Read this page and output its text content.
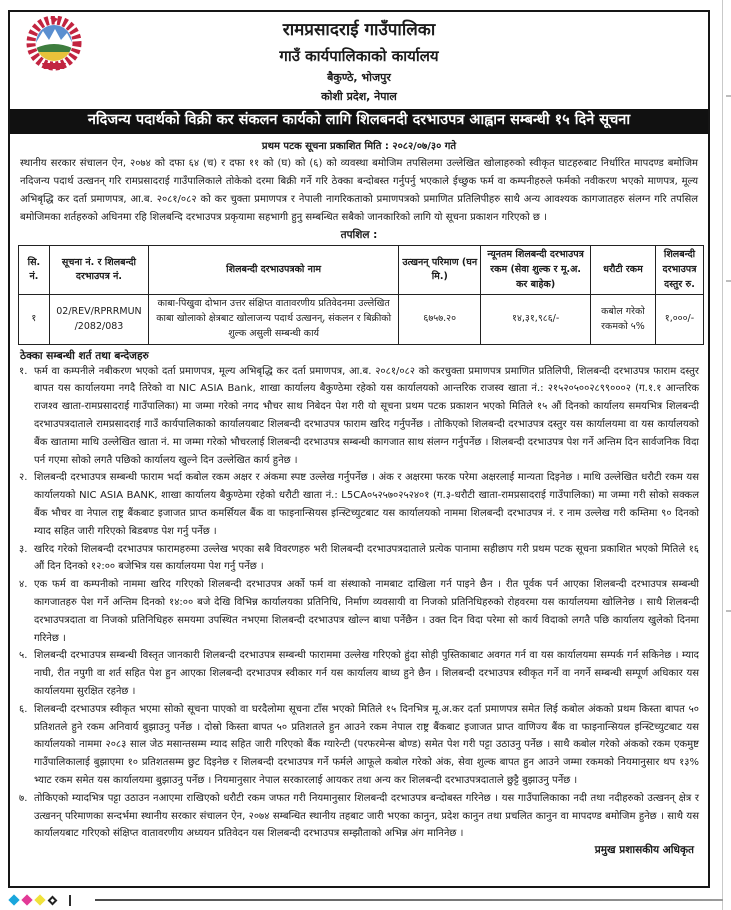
रामप्रसादराई गाउँपालिका
गाउँ कार्यपालिकाको कार्यालय
बैकुण्ठे, भोजपुर
कोशी प्रदेश, नेपाल
नदिजन्य पदार्थको विक्री कर संकलन कार्यको लागि शिलबनदी दरभाउपत्र आह्वान सम्बन्धी १५ दिने सूचना
प्रथम पटक सूचना प्रकाशित मिति : २०८२/०७/३० गते

स्थानीय सरकार संचालन ऐन, २०७४ को दफा ६४ (च) र दफा ११ को (घ) को (६) को व्यवस्था बमोजिम तपसिलमा उल्लेखित खोलाहरुको स्वीकृत घाटहरुबाट निर्धारित मापदण्ड बमोजिम नदिजन्य पदार्थ उत्खनन् गरि रामप्रसादराई गाउँपालिकाले तोकेको दरमा बिक्री गर्ने गरि ठेक्का बन्दोबस्त गर्नुपर्नु भएकाले ईच्छुक फर्म वा कम्पनीहरुले फर्मको नवीकरण भएको माणपत्र, मूल्य अभिबृद्धि कर दर्ता प्रमाणपत्र, आ.ब. २०८१/०८२ को कर चुक्ता प्रमाणपत्र र नेपाली नागरिकताको प्रमाणपत्रको प्रमाणित प्रतिलिपीहरु साथै अन्य आवश्यक कागजातहरु संलग्न गरि तपसिल बमोजिमका शर्तहरुको अधिनमा रहि शिलबन्दि दरभाउपत्र प्रकृयामा सहभागी हुनु सम्बन्धित सबैको जानकारिको लागि यो सूचना प्रकाशन गरिएको छ ।

तपशिल :
सि. नं.	सूचना नं. र शिलबन्दी दरभाउपत्र नं.	शिलबन्दी दरभाउपत्रको नाम	उत्खनन् परिमाण (घन मि.)	न्यूनतम शिलबन्दी दरभाउपत्र रकम (सेवा शुल्क र मू.अ. कर बाहेक)	धरौटी रकम	शिलबन्दी दरभाउपत्र दस्तुर रु.
१	02/REV/RPRRMUN /2082/083	काबा-पिखुवा दोभान उत्तर संक्षिप्त वातावरणीय प्रतिवेदनमा उल्लेखित काबा खोलाको क्षेत्रबाट खोलाजन्य पदार्थ उत्खनन्, संकलन र बिक्रीको शुल्क असुली सम्बन्धी कार्य	६७५७.२०	१४,३१,९८६/-	कबोल गरेको रकमको ५%	१,०००/-
ठेक्का सम्बन्धी शर्त तथा बन्देजहरु
१. फर्म वा कम्पनीले नबीकरण भएको दर्ता प्रमाणपत्र, मूल्य अभिबृद्धि कर दर्ता प्रमाणपत्र, आ.ब. २०८१/०८२ को करचुक्ता प्रमाणपत्र प्रमाणित प्रतिलिपी, शिलबन्दी दरभाउपत्र फाराम दस्तुर बापत यस कार्यालयमा नगदै तिरेको वा NIC ASIA Bank, शाखा कार्यालय बैकुण्ठेमा रहेको यस कार्यालयको आन्तरिक राजस्व खाता नं.: २१५२०५००२८९९०००२ (ग.१.१ आन्तरिक राजश्व खाता-रामप्रसादराई गाउँपालिका) मा जम्मा गरेको नगद भौचर साथ निबेदन पेश गरी यो सूचना प्रथम पटक प्रकाशन भएको मितिले १५ औं दिनको कार्यालय समयभित्र शिलबन्दी दरभाउपत्रदाताले रामप्रसादराई गाउँ कार्यपालिकाको कार्यालयबाट शिलबन्दी दरभाउपत्र फाराम खरिद गर्नुपर्नेछ । तोकिएको शिलबन्दी दरभाउपत्र दस्तुर यस कार्यालयमा वा यस कार्यालयको बैंक खातामा माथि उल्लेखित खाता नं. मा जम्मा गरेको भौचरलाई शिलबन्दी दरभाउपत्र सम्बन्धी कागजात साथ संलग्न गर्नुपर्नेछ । शिलबन्दी दरभाउपत्र पेश गर्ने अन्तिम दिन सार्वजनिक विदा पर्न गएमा सोको लगतै पछिको कार्यालय खुल्ने दिन उल्लेखित कार्य हुनेछ ।
२. शिलबन्दी दरभाउपत्र सम्बन्धी फाराम भर्दा कबोल रकम अक्षर र अंकमा स्पष्ट उल्लेख गर्नुपर्नेछ । अंक र अक्षरमा फरक परेमा अक्षरलाई मान्यता दिइनेछ । माथि उल्लेखित धरौटी रकम यस कार्यालयको NIC ASIA BANK, शाखा कार्यालय बैकुण्ठेमा रहेको धरौटी खाता नं.: L5CA०५२५७०२५२४०१ (ग.३-धरौटी खाता-रामप्रसादराई गाउँपालिका) मा जम्मा गरी सोको सक्कल बैंक भौचर वा नेपाल राष्ट्र बैंकबाट इजाजत प्राप्त कमर्सियल बैंक वा फाइनान्सियस इन्स्टिच्युटबाट यस कार्यालयको नाममा शिलबन्दी दरभाउपत्र नं. र नाम उल्लेख गरी कम्तिमा ९० दिनको म्याद सहित जारी गरिएको बिडबण्ड पेश गर्नु पर्नेछ ।
३. खरिद गरेको शिलबन्दी दरभाउपत्र फारामहरुमा उल्लेख भएका सबै विवरणहरु भरी शिलबन्दी दरभाउपत्रदाताले प्रत्येक पानामा सहीछाप गरी प्रथम पटक सूचना प्रकाशित भएको मितिले १६ औं दिन दिनको १२:०० बजेभित्र यस कार्यालयमा पेश गर्नु पर्नेछ ।
४. एक फर्म वा कम्पनीको नाममा खरिद गरिएको शिलबन्दी दरभाउपत्र अर्को फर्म वा संस्थाको नामबाट दाखिला गर्न पाइने छैन । रीत पूर्वक पर्न आएका शिलबन्दी दरभाउपत्र सम्बन्धी कागजातहरु पेश गर्ने अन्तिम दिनको १४:०० बजे देखि विभिन्न कार्यालयका प्रतिनिधि, निर्माण व्यवसायी वा निजको प्रतिनिधिहरुको रोहवरमा यस कार्यालयमा खोलिनेछ । साथै शिलबन्दी दरभाउपत्रदाता वा निजको प्रतिनिधिहरु समयमा उपस्थित नभएमा शिलबन्दी दरभाउपत्र खोल्न बाधा पर्नेछैन । उक्त दिन विदा परेमा सो कार्य विदाको लगतै पछि कार्यालय खुलेको दिनमा गरिनेछ ।
५. शिलबन्दी दरभाउपत्र सम्बन्धी विस्तृत जानकारी शिलबन्दी दरभाउपत्र सम्बन्धी फाराममा उल्लेख गरिएको हुंदा सोही पुस्तिकाबाट अवगत गर्न वा यस कार्यालयमा सम्पर्क गर्न सकिनेछ । म्याद नाघी, रीत नपुगी वा शर्त सहित पेश हुन आएका शिलबन्दी दरभाउपत्र स्वीकार गर्न यस कार्यालय बाध्य हुने छैन । शिलबन्दी दरभाउपत्र स्वीकृत गर्ने वा नगर्ने सम्बन्धी सम्पूर्ण अधिकार यस कार्यालयमा सुरक्षित रहनेछ ।
६. शिलबन्दी दरभाउपत्र स्वीकृत भएमा सोको सूचना पाएको वा घरदैलोमा सूचना टाँस भएको मितिले १५ दिनभित्र मू.अ.कर दर्ता प्रमाणपत्र समेत लिई कबोल अंकको प्रथम किस्ता बापत ५० प्रतिशतले हुने रकम अनिवार्य बुझाउनु पर्नेछ । दोस्रो किस्ता बापत ५० प्रतिशतले हुन आउने रकम नेपाल राष्ट्र बैंकबाट इजाजत प्राप्त वाणिज्य बैंक वा फाइनान्सियल इन्स्टिच्युटबाट यस कार्यालयको नाममा २०८३ साल जेठ मसान्तसम्म म्याद सहित जारी गरिएको बैंक ग्यारेन्टी (परफरमेन्स बोण्ड) समेत पेश गरी पट्टा उठाउनु पर्नेछ । साथै कबोल गरेको अंकको रकम एकमुष्ट गाउँपालिकालाई बुझाएमा १० प्रतिशतसम्म छुट दिइनेछ र शिलबन्दी दरभाउपत्र गर्ने फर्मले आफूले कबोल गरेको अंक, सेवा शुल्क बापत हुन आउने जम्मा रकमको नियमानुसार थप १३% भ्याट रकम समेत यस कार्यालयमा बुझाउनु पर्नेछ । नियमानुसार नेपाल सरकारलाई आयकर तथा अन्य कर शिलबन्दी दरभाउपत्रदाताले छुट्टै बुझाउनु पर्नेछ ।
७. तोकिएको म्यादभित्र पट्टा उठाउन नआएमा राखिएको धरौटी रकम जफत गरी नियमानुसार शिलबन्दी दरभाउपत्र बन्दोबस्त गरिनेछ । यस गाउँपालिकाका नदी तथा नदीहरुको उत्खनन् क्षेत्र र उत्खनन् परिमाणका सन्दर्भमा स्थानीय सरकार संचालन ऐन, २०७४ सम्बन्धित स्थानीय तहबाट जारी भएका कानुन, प्रदेश कानुन तथा प्रचलित कानुन वा मापदण्ड बमोजिम हुनेछ । साथै यस कार्यालयबाट गरिएको संक्षिप्त वातावरणीय अध्ययन प्रतिवेदन यस शिलबन्दी दरभाउपत्र सम्झौताको अभिन्न अंग मानिनेछ ।
प्रमुख प्रशासकीय अधिकृत
